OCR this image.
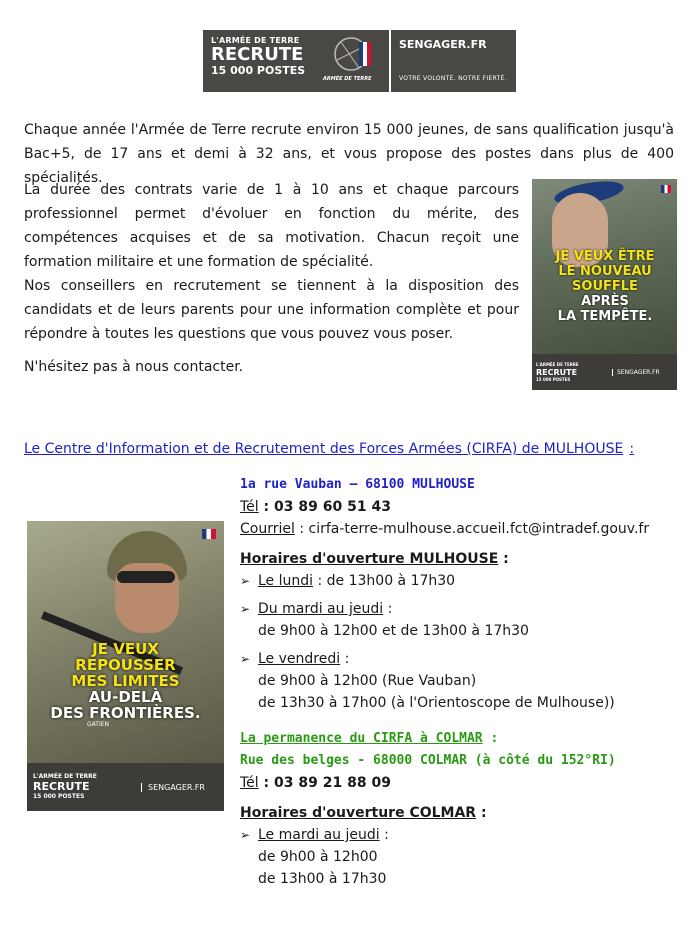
L'ARMÉE DE TERRE
RECRUTE
15 000 POSTES
ARMÉE DE TERRE
SENGAGER.FR
VOTRE VOLONTÉ. NOTRE FIERTÉ.

Chaque année l'Armée de Terre recrute environ 15 000 jeunes, de sans qualification jusqu'à Bac+5, de 17 ans et demi à 32 ans, et vous propose des postes dans plus de 400 spécialités.

La durée des contrats varie de 1 à 10 ans et chaque parcours professionnel permet d'évoluer en fonction du mérite, des compétences acquises et de sa motivation. Chacun reçoit une formation militaire et une formation de spécialité.

Nos conseillers en recrutement se tiennent à la disposition des candidats et de leurs parents pour une information complète et pour répondre à toutes les questions que vous pouvez vous poser.

N'hésitez pas à nous contacter.

JE VEUX ÊTRE
LE NOUVEAU
SOUFFLE
APRÈS
LA TEMPÊTE.
L'ARMÉE DE TERRE
RECRUTE
15 000 POSTES
SENGAGER.FR
Le Centre d'Information et de Recrutement des Forces Armées (CIRFA) de MULHOUSE :
JE VEUX
REPOUSSER
MES LIMITES
AU-DELÀ
DES FRONTIÈRES.
GATIEN
L'ARMÉE DE TERRE
RECRUTE
15 000 POSTES
SENGAGER.FR
1a rue Vauban – 68100 MULHOUSE
Tél : 03 89 60 51 43
Courriel : cirfa-terre-mulhouse.accueil.fct@intradef.gouv.fr
Horaires d'ouverture MULHOUSE :
➢ Le lundi : de 13h00 à 17h30
➢ Du mardi au jeudi :
de 9h00 à 12h00 et de 13h00 à 17h30
➢ Le vendredi :
de 9h00 à 12h00 (Rue Vauban)
de 13h30 à 17h00 (à l'Orientoscope de Mulhouse))
La permanence du CIRFA à COLMAR :
Rue des belges - 68000 COLMAR (à côté du 152°RI)
Tél : 03 89 21 88 09
Horaires d'ouverture COLMAR :
➢ Le mardi au jeudi :
de 9h00 à 12h00
de 13h00 à 17h30
